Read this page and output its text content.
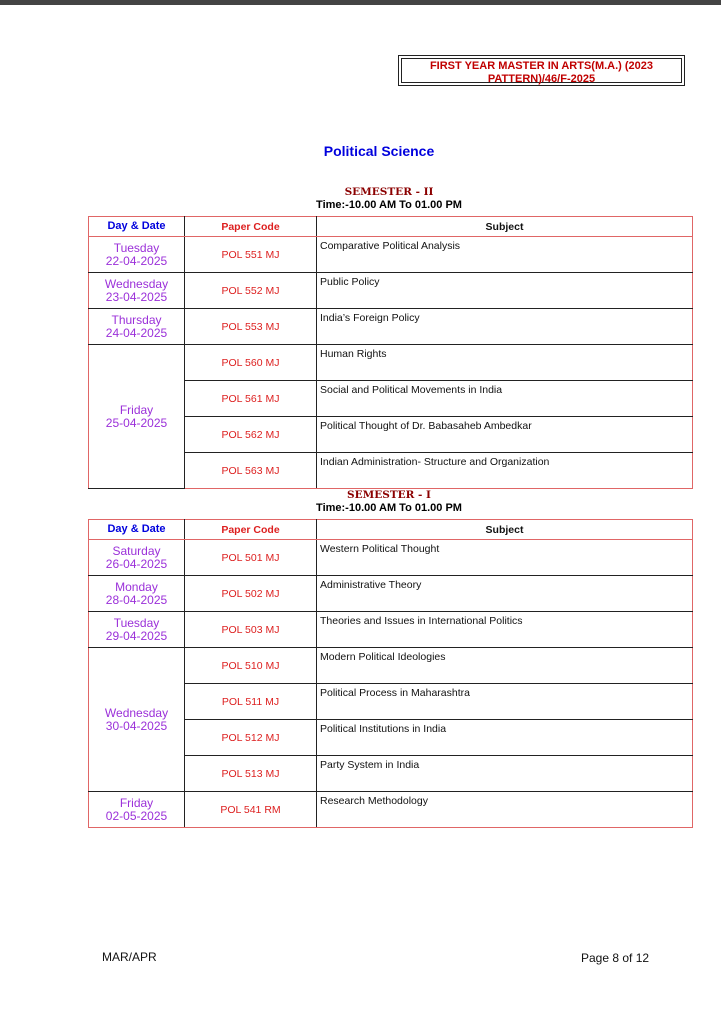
FIRST YEAR MASTER IN ARTS(M.A.) (2023 PATTERN)/46/F-2025
Political Science
SEMESTER - II
Time:-10.00 AM To 01.00 PM
Day & Date	Paper Code	Subject

Tuesday
22-04-2025	POL 551 MJ	Comparative Political Analysis

Wednesday
23-04-2025	POL 552 MJ	Public Policy

Thursday
24-04-2025	POL 553 MJ	India’s Foreign Policy

Friday
25-04-2025	POL 560 MJ	Human Rights
	POL 561 MJ	Social and Political Movements in India
	POL 562 MJ	Political Thought of Dr. Babasaheb Ambedkar
	POL 563 MJ	Indian Administration- Structure and Organization
SEMESTER - I
Time:-10.00 AM To 01.00 PM
Day & Date	Paper Code	Subject

Saturday
26-04-2025	POL 501 MJ	Western Political Thought

Monday
28-04-2025	POL 502 MJ	Administrative Theory

Tuesday
29-04-2025	POL 503 MJ	Theories and Issues in International Politics

Wednesday
30-04-2025	POL 510 MJ	Modern Political Ideologies
	POL 511 MJ	Political Process in Maharashtra
	POL 512 MJ	Political Institutions in India
	POL 513 MJ	Party System in India

Friday
02-05-2025	POL 541 RM	Research Methodology
MAR/APR	Page 8 of 12
